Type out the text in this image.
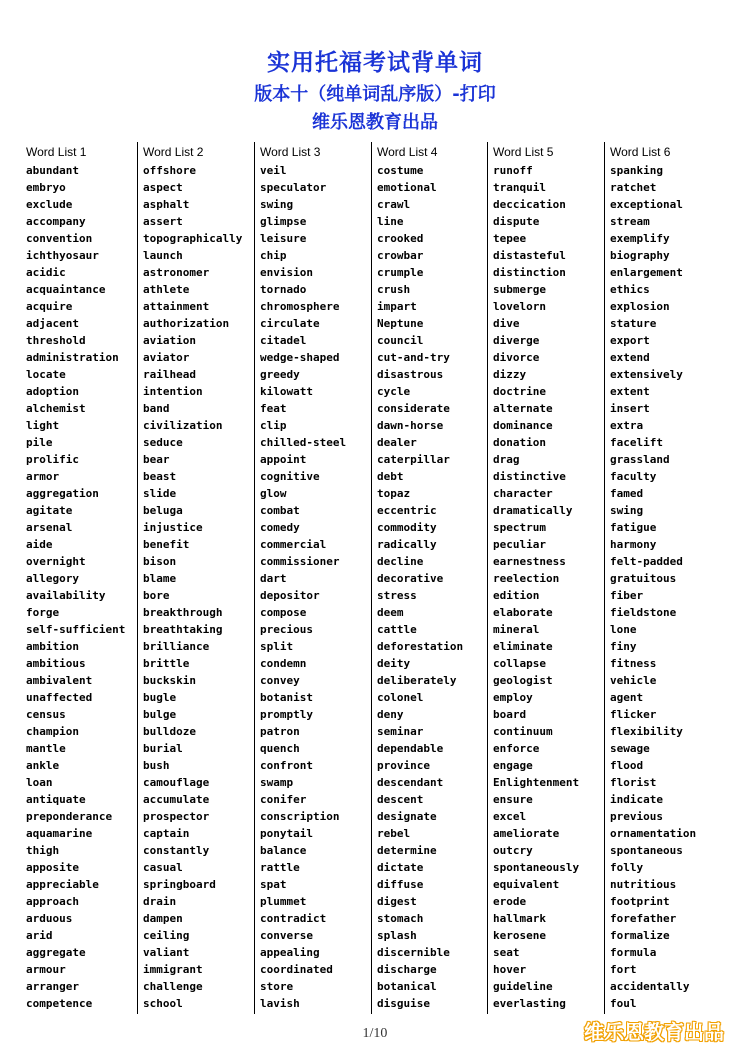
实用托福考试背单词
版本十（纯单词乱序版）-打印
维乐恩教育出品
Word List 1
abundant
embryo
exclude
accompany
convention
ichthyosaur
acidic
acquaintance
acquire
adjacent
threshold
administration
locate
adoption
alchemist
light
pile
prolific
armor
aggregation
agitate
arsenal
aide
overnight
allegory
availability
forge
self-sufficient
ambition
ambitious
ambivalent
unaffected
census
champion
mantle
ankle
loan
antiquate
preponderance
aquamarine
thigh
apposite
appreciable
approach
arduous
arid
aggregate
armour
arranger
competence
Word List 2
offshore
aspect
asphalt
assert
topographically
launch
astronomer
athlete
attainment
authorization
aviation
aviator
railhead
intention
band
civilization
seduce
bear
beast
slide
beluga
injustice
benefit
bison
blame
bore
breakthrough
breathtaking
brilliance
brittle
buckskin
bugle
bulge
bulldoze
burial
bush
camouflage
accumulate
prospector
captain
constantly
casual
springboard
drain
dampen
ceiling
valiant
immigrant
challenge
school
Word List 3
veil
speculator
swing
glimpse
leisure
chip
envision
tornado
chromosphere
circulate
citadel
wedge-shaped
greedy
kilowatt
feat
clip
chilled-steel
appoint
cognitive
glow
combat
comedy
commercial
commissioner
dart
depositor
compose
precious
split
condemn
convey
botanist
promptly
patron
quench
confront
swamp
conifer
conscription
ponytail
balance
rattle
spat
plummet
contradict
converse
appealing
coordinated
store
lavish
Word List 4
costume
emotional
crawl
line
crooked
crowbar
crumple
crush
impart
Neptune
council
cut-and-try
disastrous
cycle
considerate
dawn-horse
dealer
caterpillar
debt
topaz
eccentric
commodity
radically
decline
decorative
stress
deem
cattle
deforestation
deity
deliberately
colonel
deny
seminar
dependable
province
descendant
descent
designate
rebel
determine
dictate
diffuse
digest
stomach
splash
discernible
discharge
botanical
disguise
Word List 5
runoff
tranquil
deccication
dispute
tepee
distasteful
distinction
submerge
lovelorn
dive
diverge
divorce
dizzy
doctrine
alternate
dominance
donation
drag
distinctive
character
dramatically
spectrum
peculiar
earnestness
reelection
edition
elaborate
mineral
eliminate
collapse
geologist
employ
board
continuum
enforce
engage
Enlightenment
ensure
excel
ameliorate
outcry
spontaneously
equivalent
erode
hallmark
kerosene
seat
hover
guideline
everlasting
Word List 6
spanking
ratchet
exceptional
stream
exemplify
biography
enlargement
ethics
explosion
stature
export
extend
extensively
extent
insert
extra
facelift
grassland
faculty
famed
swing
fatigue
harmony
felt-padded
gratuitous
fiber
fieldstone
lone
finy
fitness
vehicle
agent
flicker
flexibility
sewage
flood
florist
indicate
previous
ornamentation
spontaneous
folly
nutritious
footprint
forefather
formalize
formula
fort
accidentally
foul
1/10	维乐恩教育出品
